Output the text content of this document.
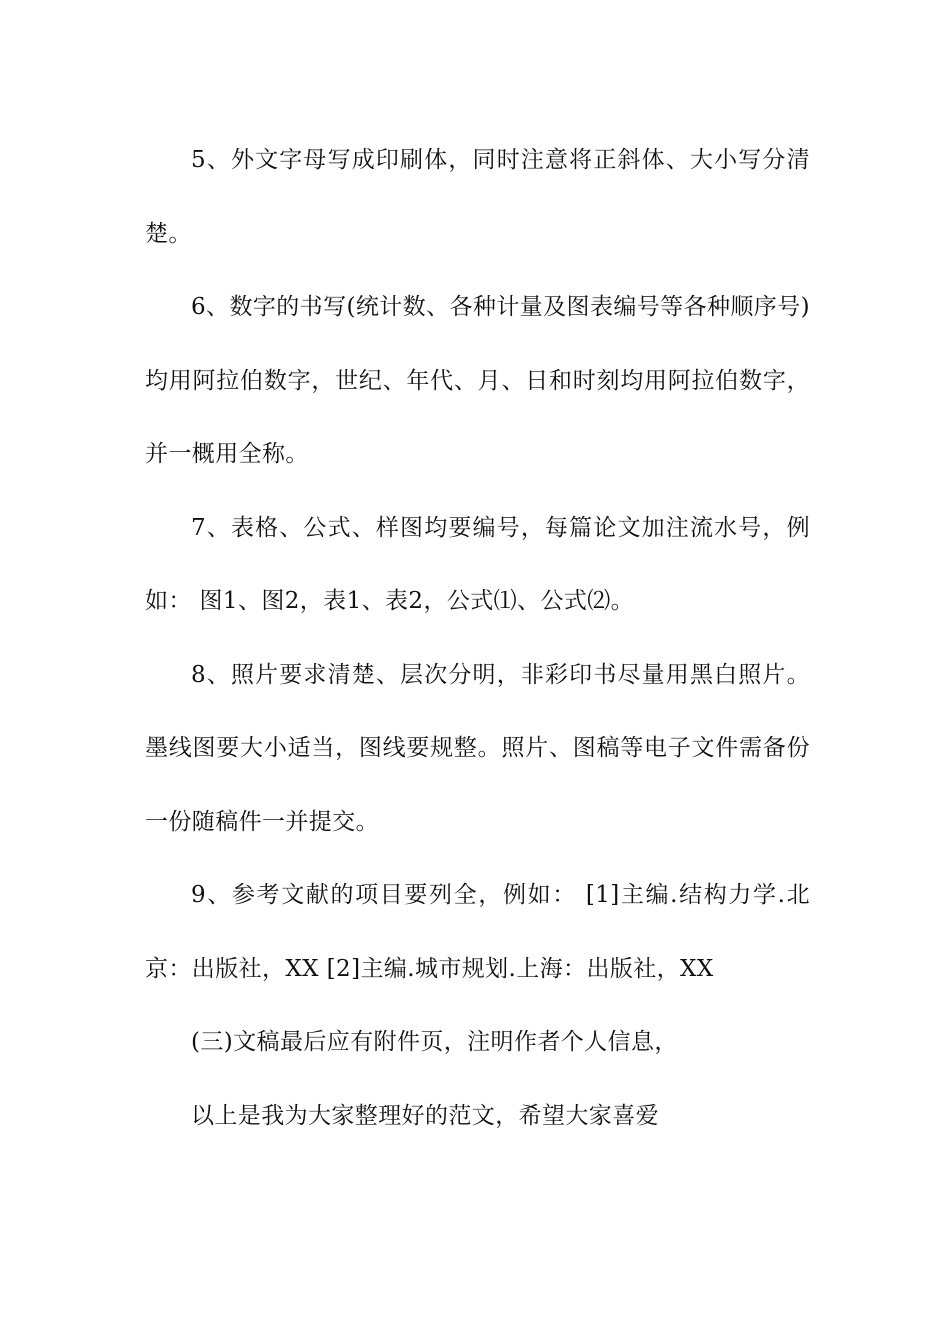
5、外文字母写成印刷体，同时注意将正斜体、大小写分清楚。

6、数字的书写(统计数、各种计量及图表编号等各种顺序号)均用阿拉伯数字，世纪、年代、月、日和时刻均用阿拉伯数字，并一概用全称。

7、表格、公式、样图均要编号，每篇论文加注流水号，例如： 图1、图2，表1、表2，公式⑴、公式⑵。

8、照片要求清楚、层次分明，非彩印书尽量用黑白照片。墨线图要大小适当，图线要规整。照片、图稿等电子文件需备份一份随稿件一并提交。

9、参考文献的项目要列全，例如： [1]主编.结构力学.北京：出版社，XX [2]主编.城市规划.上海：出版社，XX

(三)文稿最后应有附件页，注明作者个人信息，

以上是我为大家整理好的范文，希望大家喜爱
